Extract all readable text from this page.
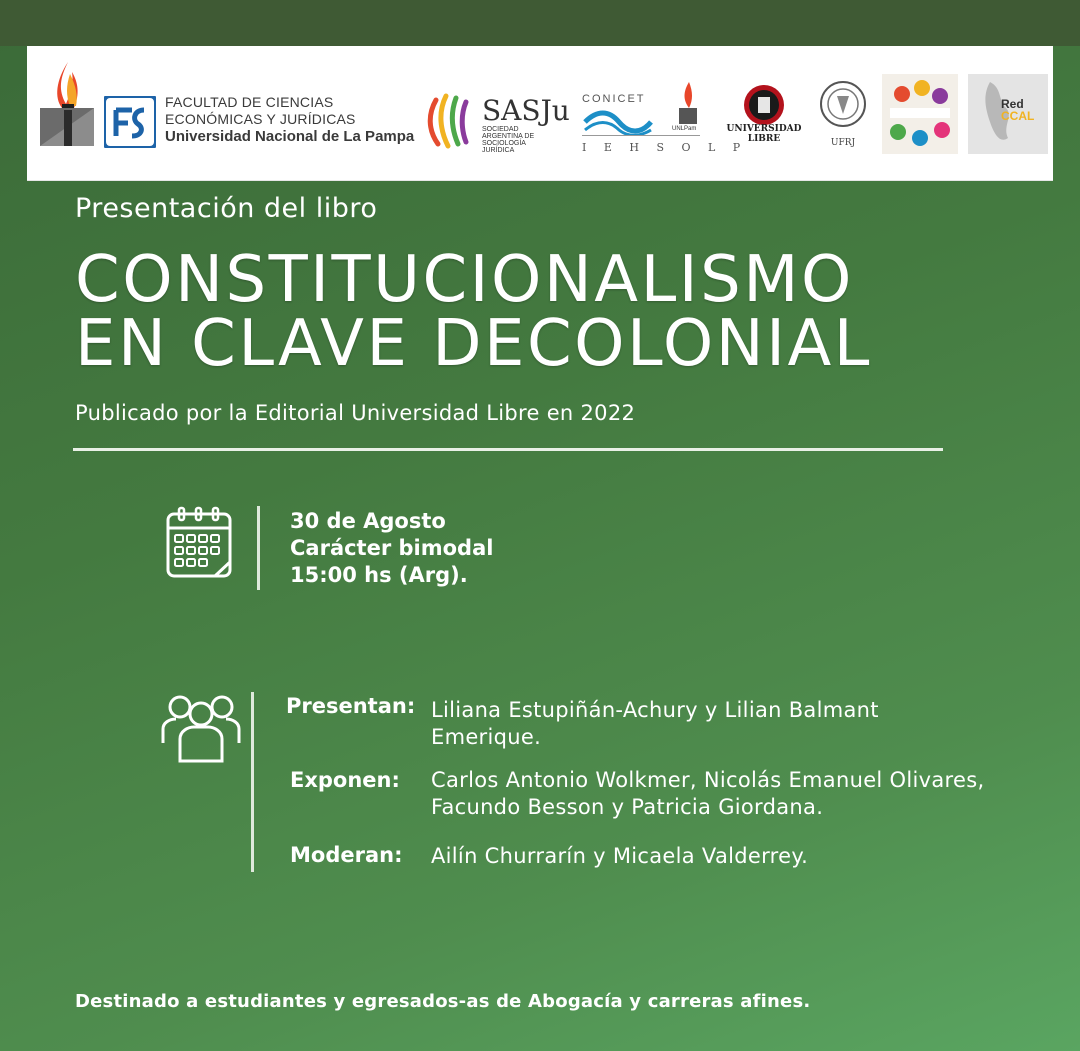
FACULTAD DE CIENCIAS
ECONÓMICAS Y JURÍDICAS
Universidad Nacional de La Pampa
SASJu
SOCIEDAD ARGENTINA DE SOCIOLOGÍA JURÍDICA
CONICET
UNLPam
I E H S O L P
UNIVERSIDAD LIBRE	UFRJ
Red
CCAL
Presentación del libro
CONSTITUCIONALISMO
EN CLAVE DECOLONIAL
Publicado por la Editorial Universidad Libre en 2022
30 de Agosto
Carácter bimodal
15:00 hs (Arg).
Presentan: Liliana Estupiñán-Achury y Lilian Balmant Emerique.
Exponen: Carlos Antonio Wolkmer, Nicolás Emanuel Olivares, Facundo Besson y Patricia Giordana.
Moderan: Ailín Churrarín y Micaela Valderrey.
Destinado a estudiantes y egresados-as de Abogacía y carreras afines.
